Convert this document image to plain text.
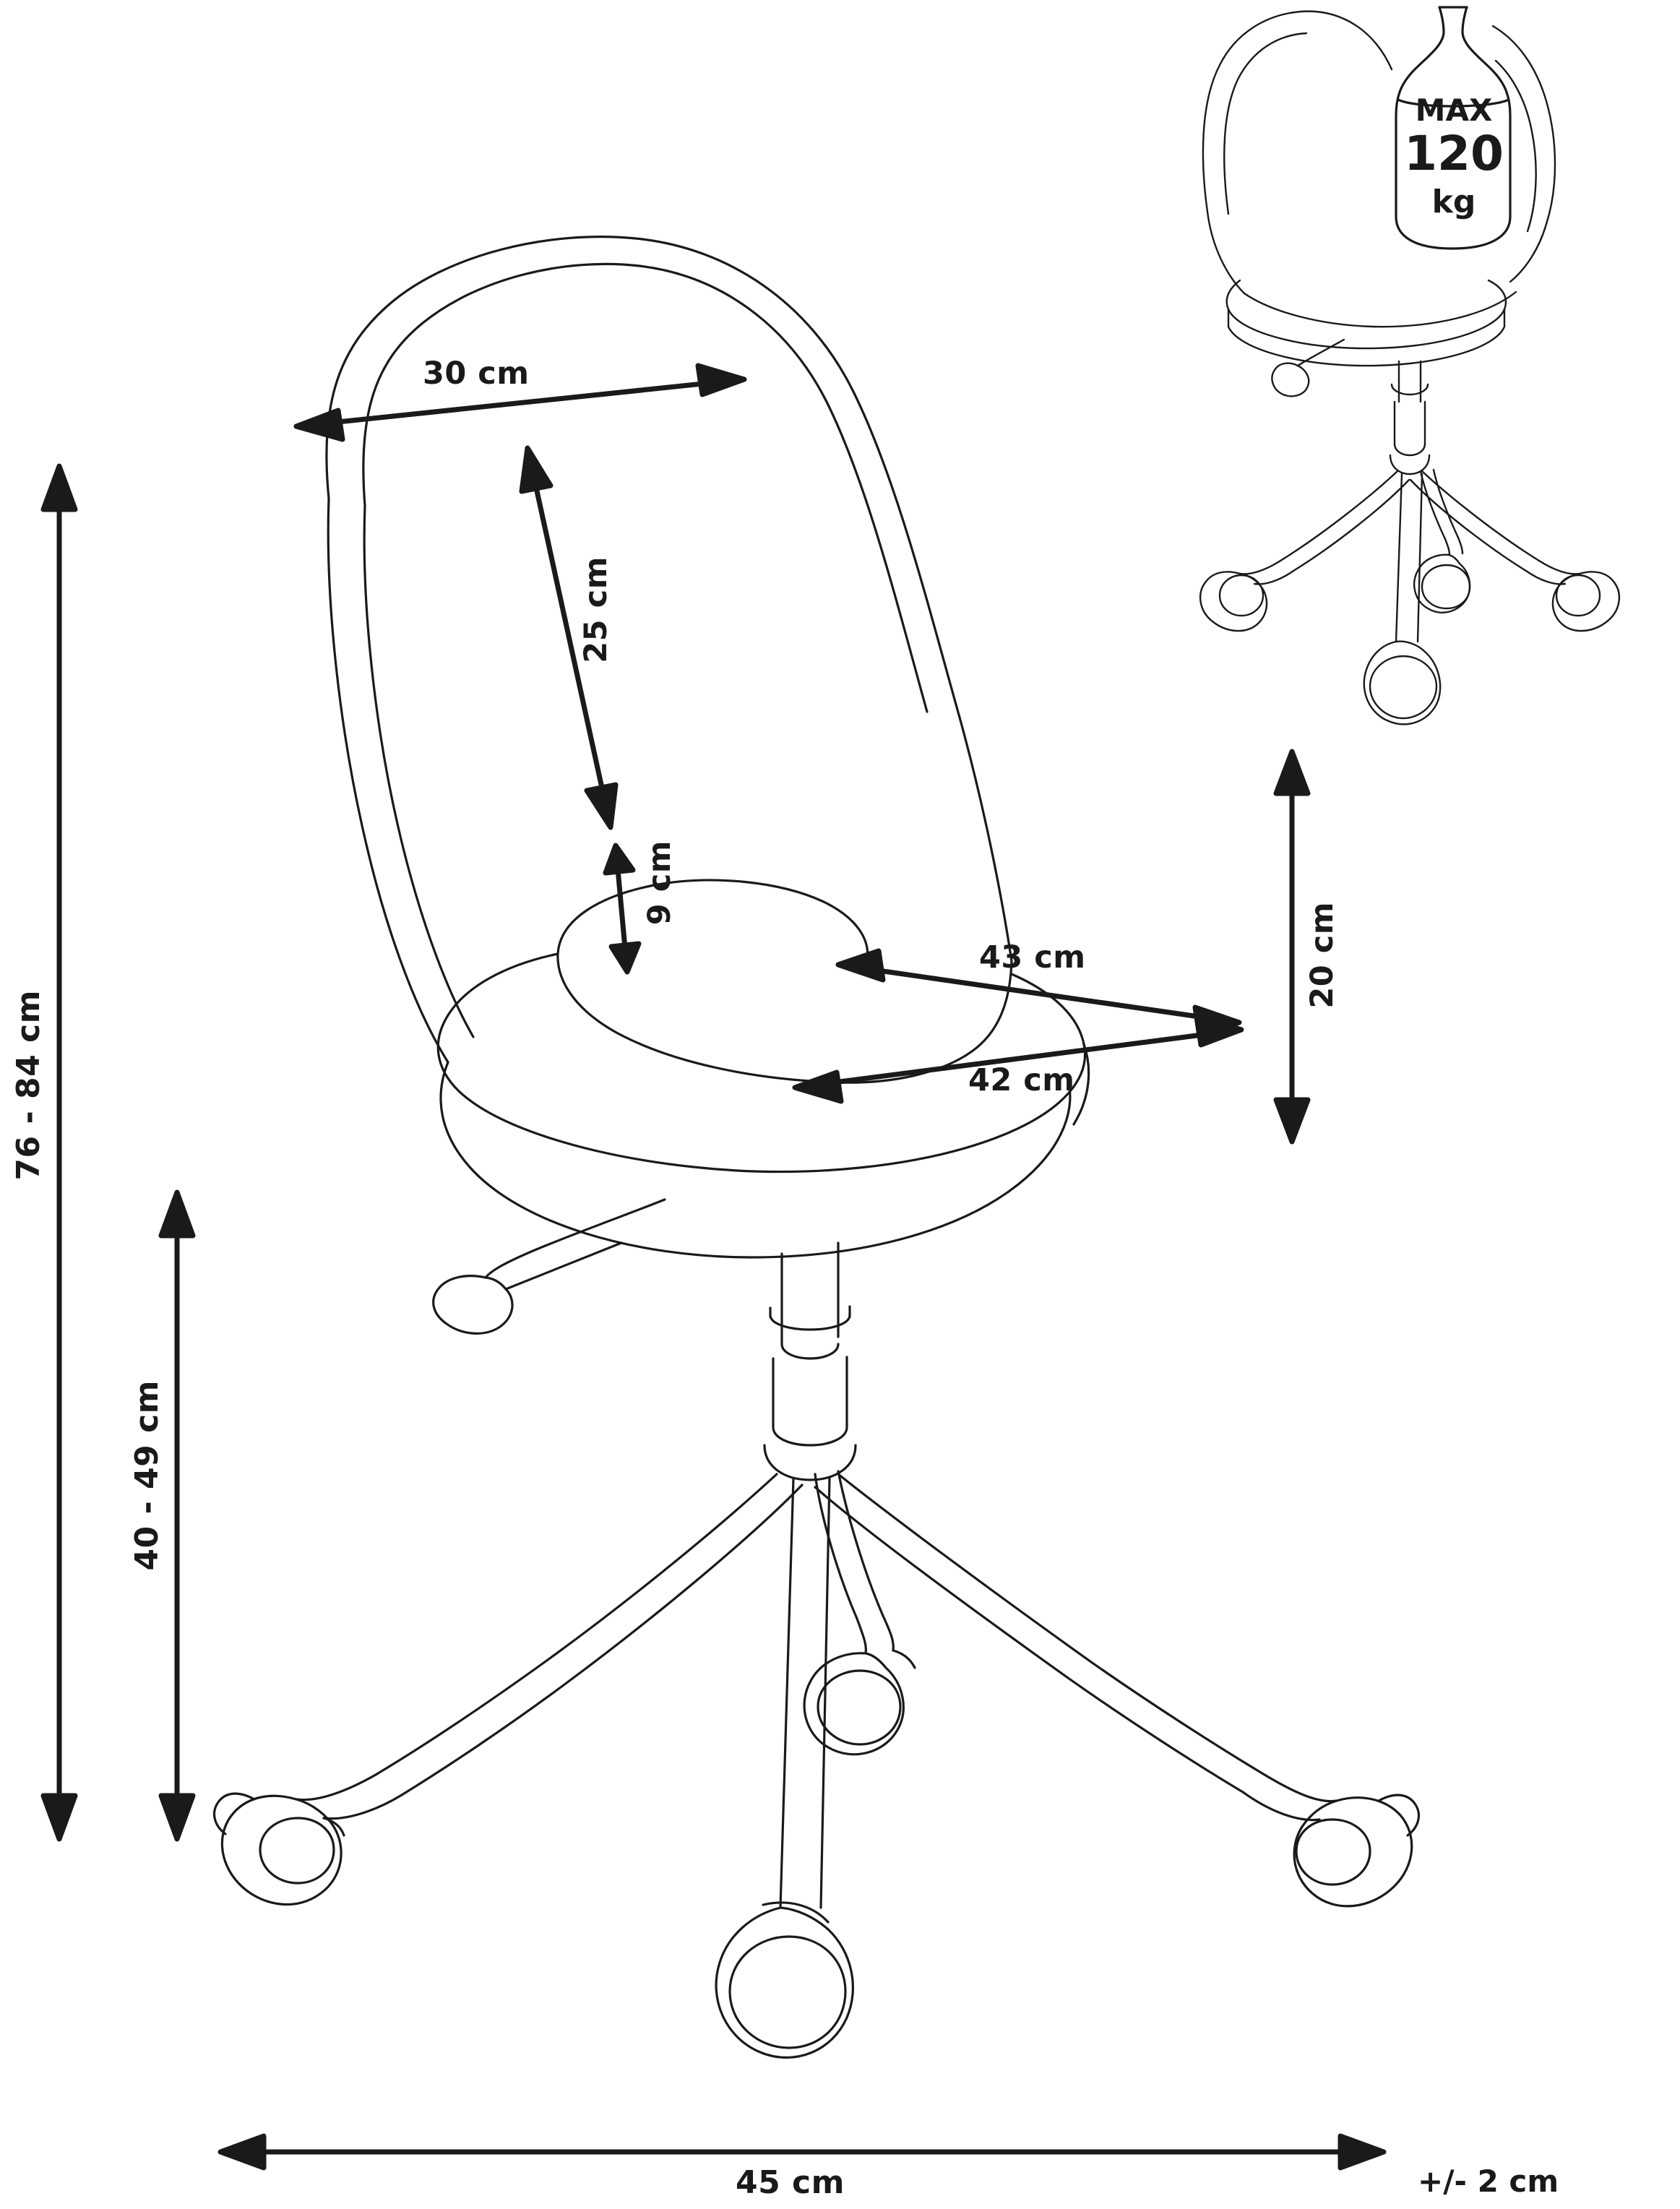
30 cm
25 cm
9 cm
43 cm
42 cm
20 cm
76 - 84 cm
40 - 49 cm
45 cm	+/- 2 cm
MAX
120
kg
